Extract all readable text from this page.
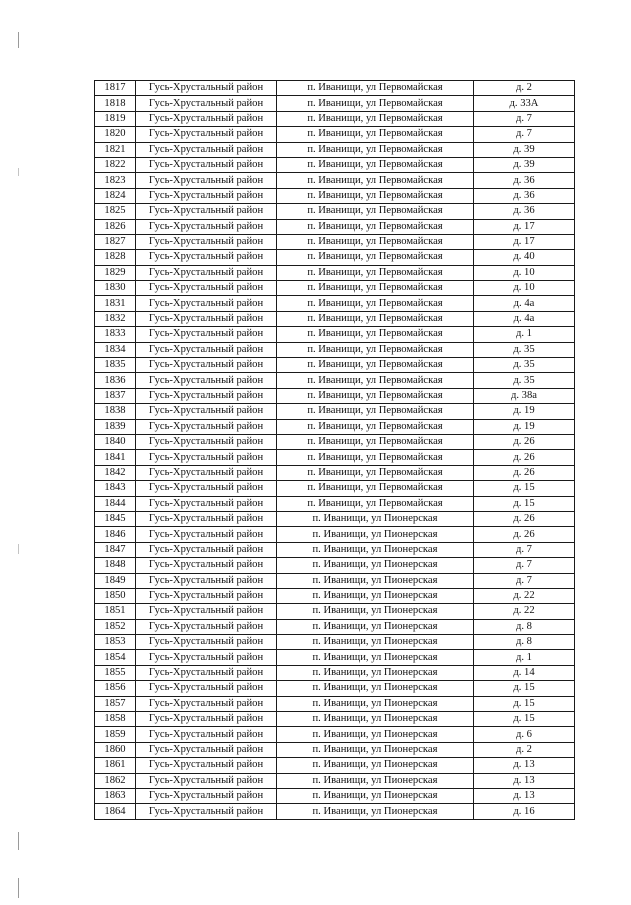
1817	Гусь-Хрустальный район	п. Иванищи, ул Первомайская	д. 2
1818	Гусь-Хрустальный район	п. Иванищи, ул Первомайская	д. 33А
1819	Гусь-Хрустальный район	п. Иванищи, ул Первомайская	д. 7
1820	Гусь-Хрустальный район	п. Иванищи, ул Первомайская	д. 7
1821	Гусь-Хрустальный район	п. Иванищи, ул Первомайская	д. 39
1822	Гусь-Хрустальный район	п. Иванищи, ул Первомайская	д. 39
1823	Гусь-Хрустальный район	п. Иванищи, ул Первомайская	д. 36
1824	Гусь-Хрустальный район	п. Иванищи, ул Первомайская	д. 36
1825	Гусь-Хрустальный район	п. Иванищи, ул Первомайская	д. 36
1826	Гусь-Хрустальный район	п. Иванищи, ул Первомайская	д. 17
1827	Гусь-Хрустальный район	п. Иванищи, ул Первомайская	д. 17
1828	Гусь-Хрустальный район	п. Иванищи, ул Первомайская	д. 40
1829	Гусь-Хрустальный район	п. Иванищи, ул Первомайская	д. 10
1830	Гусь-Хрустальный район	п. Иванищи, ул Первомайская	д. 10
1831	Гусь-Хрустальный район	п. Иванищи, ул Первомайская	д. 4а
1832	Гусь-Хрустальный район	п. Иванищи, ул Первомайская	д. 4а
1833	Гусь-Хрустальный район	п. Иванищи, ул Первомайская	д. 1
1834	Гусь-Хрустальный район	п. Иванищи, ул Первомайская	д. 35
1835	Гусь-Хрустальный район	п. Иванищи, ул Первомайская	д. 35
1836	Гусь-Хрустальный район	п. Иванищи, ул Первомайская	д. 35
1837	Гусь-Хрустальный район	п. Иванищи, ул Первомайская	д. 38а
1838	Гусь-Хрустальный район	п. Иванищи, ул Первомайская	д. 19
1839	Гусь-Хрустальный район	п. Иванищи, ул Первомайская	д. 19
1840	Гусь-Хрустальный район	п. Иванищи, ул Первомайская	д. 26
1841	Гусь-Хрустальный район	п. Иванищи, ул Первомайская	д. 26
1842	Гусь-Хрустальный район	п. Иванищи, ул Первомайская	д. 26
1843	Гусь-Хрустальный район	п. Иванищи, ул Первомайская	д. 15
1844	Гусь-Хрустальный район	п. Иванищи, ул Первомайская	д. 15
1845	Гусь-Хрустальный район	п. Иванищи, ул Пионерская	д. 26
1846	Гусь-Хрустальный район	п. Иванищи, ул Пионерская	д. 26
1847	Гусь-Хрустальный район	п. Иванищи, ул Пионерская	д. 7
1848	Гусь-Хрустальный район	п. Иванищи, ул Пионерская	д. 7
1849	Гусь-Хрустальный район	п. Иванищи, ул Пионерская	д. 7
1850	Гусь-Хрустальный район	п. Иванищи, ул Пионерская	д. 22
1851	Гусь-Хрустальный район	п. Иванищи, ул Пионерская	д. 22
1852	Гусь-Хрустальный район	п. Иванищи, ул Пионерская	д. 8
1853	Гусь-Хрустальный район	п. Иванищи, ул Пионерская	д. 8
1854	Гусь-Хрустальный район	п. Иванищи, ул Пионерская	д. 1
1855	Гусь-Хрустальный район	п. Иванищи, ул Пионерская	д. 14
1856	Гусь-Хрустальный район	п. Иванищи, ул Пионерская	д. 15
1857	Гусь-Хрустальный район	п. Иванищи, ул Пионерская	д. 15
1858	Гусь-Хрустальный район	п. Иванищи, ул Пионерская	д. 15
1859	Гусь-Хрустальный район	п. Иванищи, ул Пионерская	д. 6
1860	Гусь-Хрустальный район	п. Иванищи, ул Пионерская	д. 2
1861	Гусь-Хрустальный район	п. Иванищи, ул Пионерская	д. 13
1862	Гусь-Хрустальный район	п. Иванищи, ул Пионерская	д. 13
1863	Гусь-Хрустальный район	п. Иванищи, ул Пионерская	д. 13
1864	Гусь-Хрустальный район	п. Иванищи, ул Пионерская	д. 16
